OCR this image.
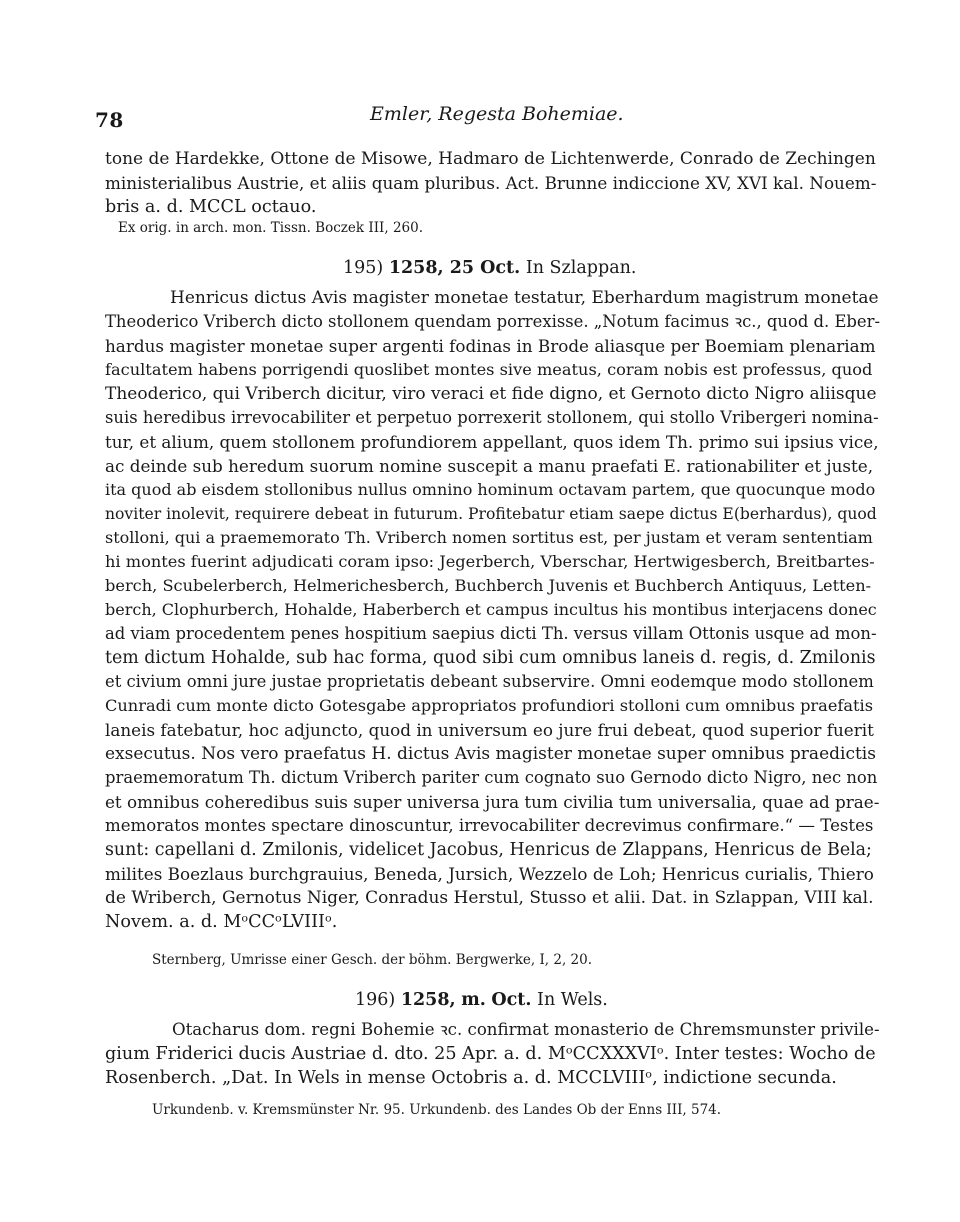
78	Emler, Regesta Bohemiae.
tone de Hardekke, Ottone de Misowe, Hadmaro de Lichtenwerde, Conrado de Zechingen
ministerialibus Austrie, et aliis quam pluribus. Act. Brunne indiccione XV, XVI kal. Nouem-
bris a. d. MCCL octauo.
Ex orig. in arch. mon. Tissn. Boczek III, 260.
195) 1258, 25 Oct. In Szlappan.
Henricus dictus Avis magister monetae testatur, Eberhardum magistrum monetae
Theoderico Vriberch dicto stollonem quendam porrexisse. „Notum facimus ꝛc., quod d. Eber-
hardus magister monetae super argenti fodinas in Brode aliasque per Boemiam plenariam
facultatem habens porrigendi quoslibet montes sive meatus, coram nobis est professus, quod
Theoderico, qui Vriberch dicitur, viro veraci et fide digno, et Gernoto dicto Nigro aliisque
suis heredibus irrevocabiliter et perpetuo porrexerit stollonem, qui stollo Vribergeri nomina-
tur, et alium, quem stollonem profundiorem appellant, quos idem Th. primo sui ipsius vice,
ac deinde sub heredum suorum nomine suscepit a manu praefati E. rationabiliter et juste,
ita quod ab eisdem stollonibus nullus omnino hominum octavam partem, que quocunque modo
noviter inolevit, requirere debeat in futurum. Profitebatur etiam saepe dictus E(berhardus), quod
stolloni, qui a praememorato Th. Vriberch nomen sortitus est, per justam et veram sententiam
hi montes fuerint adjudicati coram ipso: Jegerberch, Vberschar, Hertwigesberch, Breitbartes-
berch, Scubelerberch, Helmerichesberch, Buchberch Juvenis et Buchberch Antiquus, Letten-
berch, Clophurberch, Hohalde, Haberberch et campus incultus his montibus interjacens donec
ad viam procedentem penes hospitium saepius dicti Th. versus villam Ottonis usque ad mon-
tem dictum Hohalde, sub hac forma, quod sibi cum omnibus laneis d. regis, d. Zmilonis
et civium omni jure justae proprietatis debeant subservire. Omni eodemque modo stollonem
Cunradi cum monte dicto Gotesgabe appropriatos profundiori stolloni cum omnibus praefatis
laneis fatebatur, hoc adjuncto, quod in universum eo jure frui debeat, quod superior fuerit
exsecutus. Nos vero praefatus H. dictus Avis magister monetae super omnibus praedictis
praememoratum Th. dictum Vriberch pariter cum cognato suo Gernodo dicto Nigro, nec non
et omnibus coheredibus suis super universa jura tum civilia tum universalia, quae ad prae-
memoratos montes spectare dinoscuntur, irrevocabiliter decrevimus confirmare.“ — Testes
sunt: capellani d. Zmilonis, videlicet Jacobus, Henricus de Zlappans, Henricus de Bela;
milites Boezlaus burchgrauius, Beneda, Jursich, Wezzelo de Loh; Henricus curialis, Thiero
de Wriberch, Gernotus Niger, Conradus Herstul, Stusso et alii. Dat. in Szlappan, VIII kal.
Novem. a. d. MᵒCCᵒLVIIIᵒ.
Sternberg, Umrisse einer Gesch. der böhm. Bergwerke, I, 2, 20.
196) 1258, m. Oct. In Wels.
Otacharus dom. regni Bohemie ꝛc. confirmat monasterio de Chremsmunster privile-
gium Friderici ducis Austriae d. dto. 25 Apr. a. d. MᵒCCXXXVIᵒ. Inter testes: Wocho de
Rosenberch. „Dat. In Wels in mense Octobris a. d. MCCLVIIIᵒ, indictione secunda.
Urkundenb. v. Kremsmünster Nr. 95. Urkundenb. des Landes Ob der Enns III, 574.
